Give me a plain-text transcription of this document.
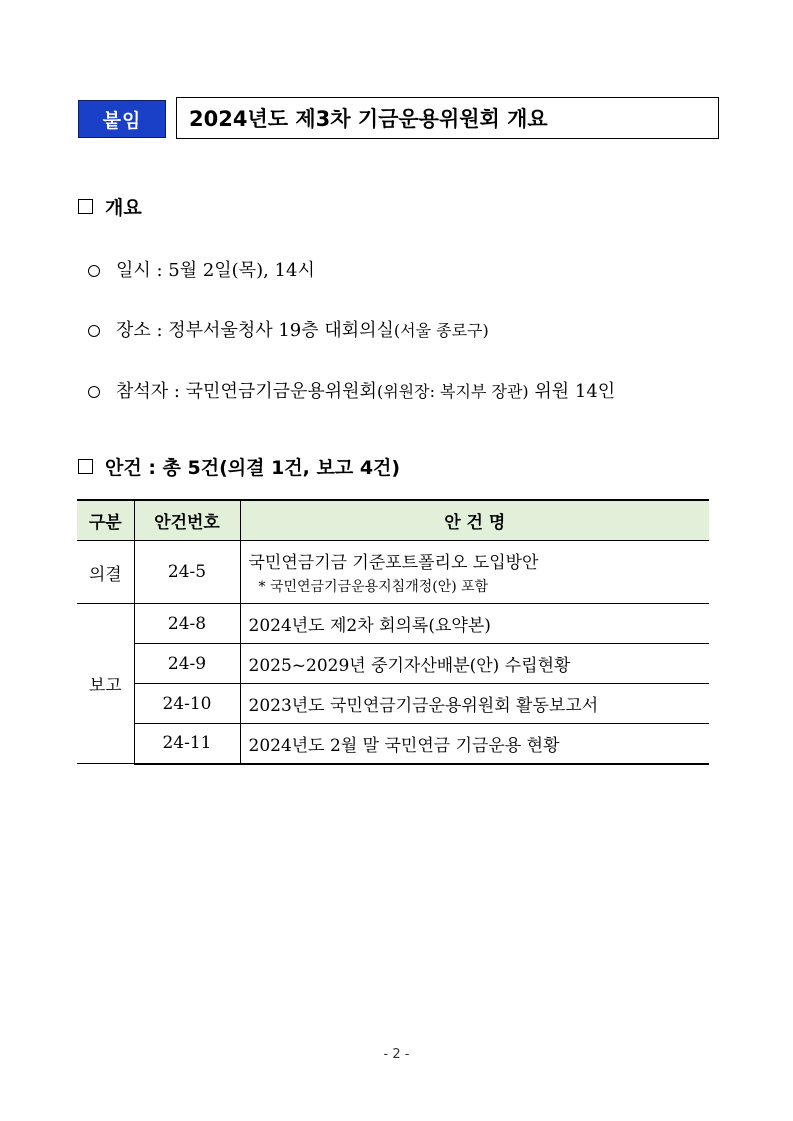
붙임	2024년도 제3차 기금운용위원회 개요
개요
일시 : 5월 2일(목), 14시
장소 : 정부서울청사 19층 대회의실 (서울 종로구)
참석자 : 국민연금기금운용위원회 (위원장: 복지부 장관) 위원 14인
안건 : 총 5건(의결 1건, 보고 4건)
구분	안건번호	안 건 명
의결	24-5	국민연금기금 기준포트폴리오 도입방안
* 국민연금기금운용지침개정(안) 포함

보고	24-8	2024년도 제2차 회의록(요약본)
	24-9	2025~2029년 중기자산배분(안) 수립현황
	24-10	2023년도 국민연금기금운용위원회 활동보고서
	24-11	2024년도 2월 말 국민연금 기금운용 현황
- 2 -
